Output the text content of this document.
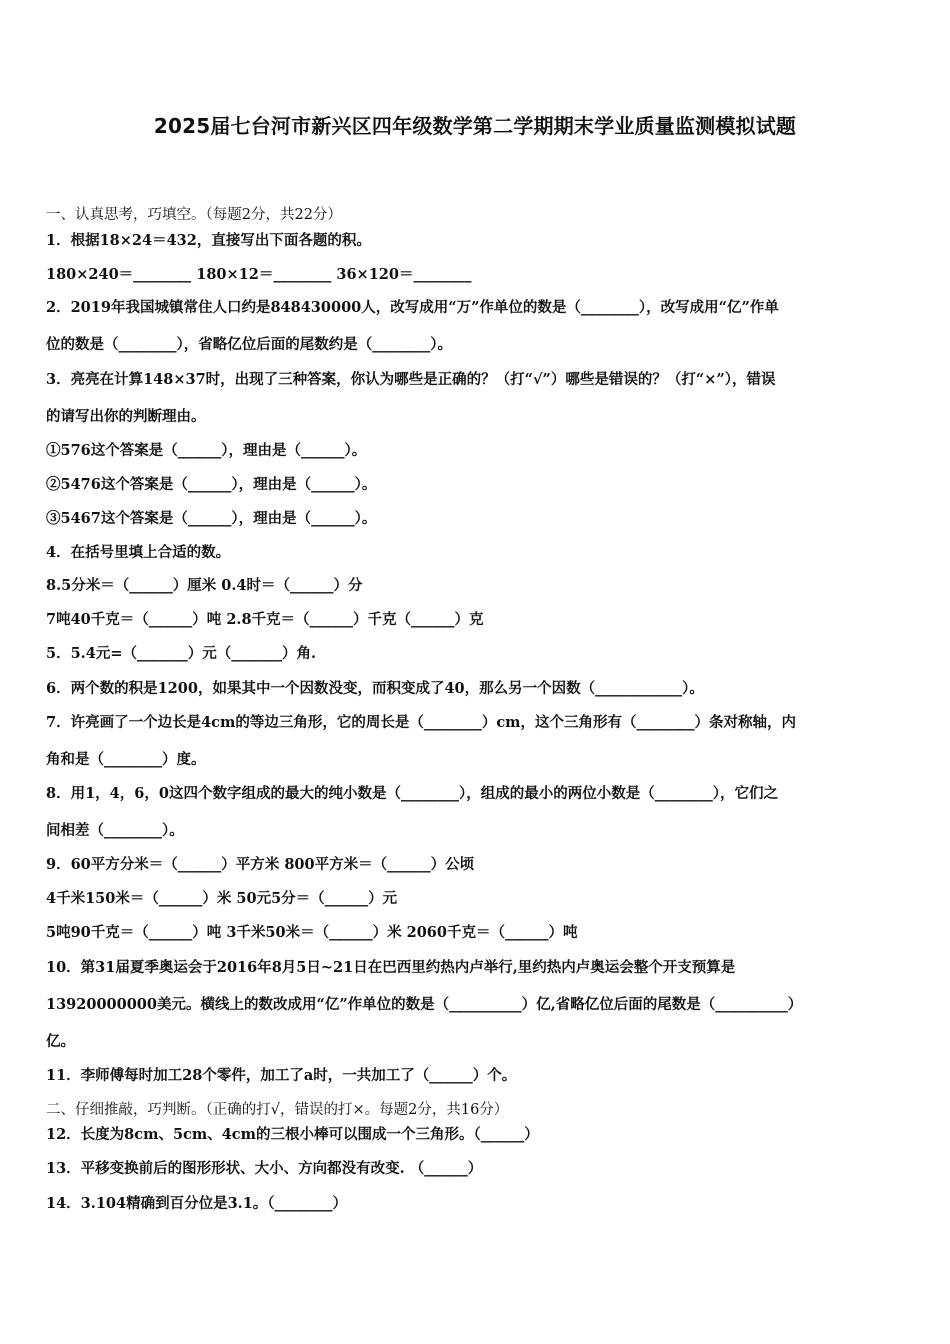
2025届七台河市新兴区四年级数学第二学期期末学业质量监测模拟试题
一、认真思考，巧填空。（每题2分，共22分）
1．根据18×24＝432，直接写出下面各题的积。
180×240＝________ 180×12＝________ 36×120＝________
2．2019年我国城镇常住人口约是848430000人，改写成用“万”作单位的数是（________），改写成用“亿”作单
位的数是（________），省略亿位后面的尾数约是（________）。
3．亮亮在计算148×37时，出现了三种答案，你认为哪些是正确的？（打“√”）哪些是错误的？（打“×”），错误
的请写出你的判断理由。
①576这个答案是（______），理由是（______）。
②5476这个答案是（______），理由是（______）。
③5467这个答案是（______），理由是（______）。
4．在括号里填上合适的数。
8.5分米＝（______）厘米 0.4时＝（______）分
7吨40千克＝（______）吨 2.8千克＝（______）千克（______）克
5．5.4元=（_______）元（_______）角.
6．两个数的积是1200，如果其中一个因数没变，而积变成了40，那么另一个因数（____________）。
7．许亮画了一个边长是4cm的等边三角形，它的周长是（________）cm，这个三角形有（________）条对称轴，内
角和是（________）度。
8．用1，4，6，0这四个数字组成的最大的纯小数是（________），组成的最小的两位小数是（________），它们之
间相差（________）。
9．60平方分米＝（______）平方米 800平方米＝（______）公顷
4千米150米＝（______）米 50元5分＝（______）元
5吨90千克＝（______）吨 3千米50米＝（______）米 2060千克＝（______）吨
10．第31届夏季奥运会于2016年8月5日~21日在巴西里约热内卢举行,里约热内卢奥运会整个开支预算是
13920000000美元。横线上的数改成用“亿”作单位的数是（__________）亿,省略亿位后面的尾数是（__________）
亿。
11．李师傅每时加工28个零件，加工了a时，一共加工了（______）个。
二、仔细推敲，巧判断。（正确的打√，错误的打×。每题2分，共16分）
12．长度为8cm、5cm、4cm的三根小棒可以围成一个三角形。（______）
13．平移变换前后的图形形状、大小、方向都没有改变. （______）
14．3.104精确到百分位是3.1。（________）
